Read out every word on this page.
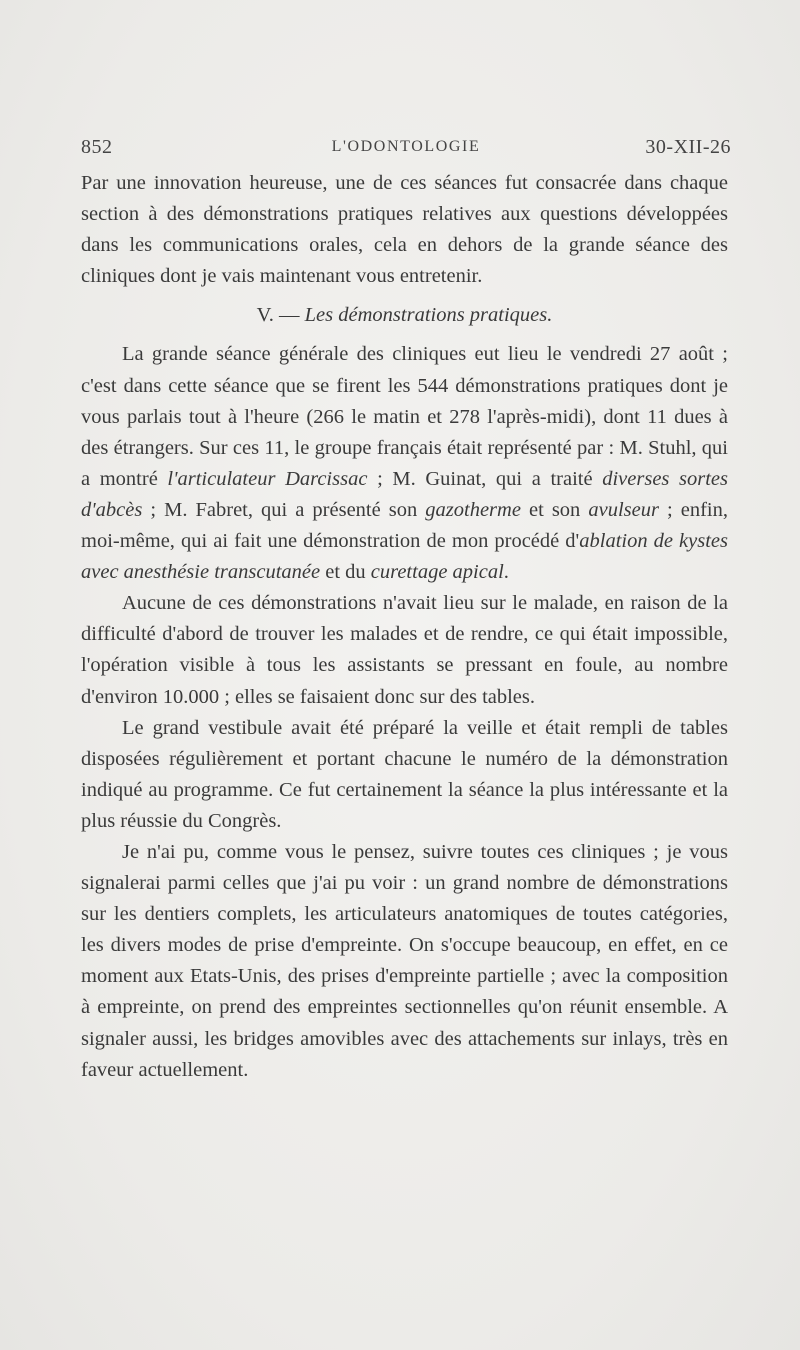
852	L'ODONTOLOGIE	30-XII-26

Par une innovation heureuse, une de ces séances fut consacrée dans chaque section à des démonstrations pratiques relatives aux questions développées dans les communications orales, cela en dehors de la grande séance des cliniques dont je vais maintenant vous entretenir.

V. — Les démonstrations pratiques.

La grande séance générale des cliniques eut lieu le vendredi 27 août ; c'est dans cette séance que se firent les 544 démonstrations pratiques dont je vous parlais tout à l'heure (266 le matin et 278 l'après-midi), dont 11 dues à des étrangers. Sur ces 11, le groupe français était représenté par : M. Stuhl, qui a montré l'articulateur Darcissac ; M. Guinat, qui a traité diverses sortes d'abcès ; M. Fabret, qui a présenté son gazotherme et son avulseur ; enfin, moi-même, qui ai fait une démonstration de mon procédé d'ablation de kystes avec anesthésie transcutanée et du curettage apical.

Aucune de ces démonstrations n'avait lieu sur le malade, en raison de la difficulté d'abord de trouver les malades et de rendre, ce qui était impossible, l'opération visible à tous les assistants se pressant en foule, au nombre d'environ 10.000 ; elles se faisaient donc sur des tables.

Le grand vestibule avait été préparé la veille et était rempli de tables disposées régulièrement et portant chacune le numéro de la démonstration indiqué au programme. Ce fut certainement la séance la plus intéressante et la plus réussie du Congrès.

Je n'ai pu, comme vous le pensez, suivre toutes ces cliniques ; je vous signalerai parmi celles que j'ai pu voir : un grand nombre de démonstrations sur les dentiers complets, les articulateurs anatomiques de toutes catégories, les divers modes de prise d'empreinte. On s'occupe beaucoup, en effet, en ce moment aux Etats-Unis, des prises d'empreinte partielle ; avec la composition à empreinte, on prend des empreintes sectionnelles qu'on réunit ensemble. A signaler aussi, les bridges amovibles avec des attachements sur inlays, très en faveur actuellement.
